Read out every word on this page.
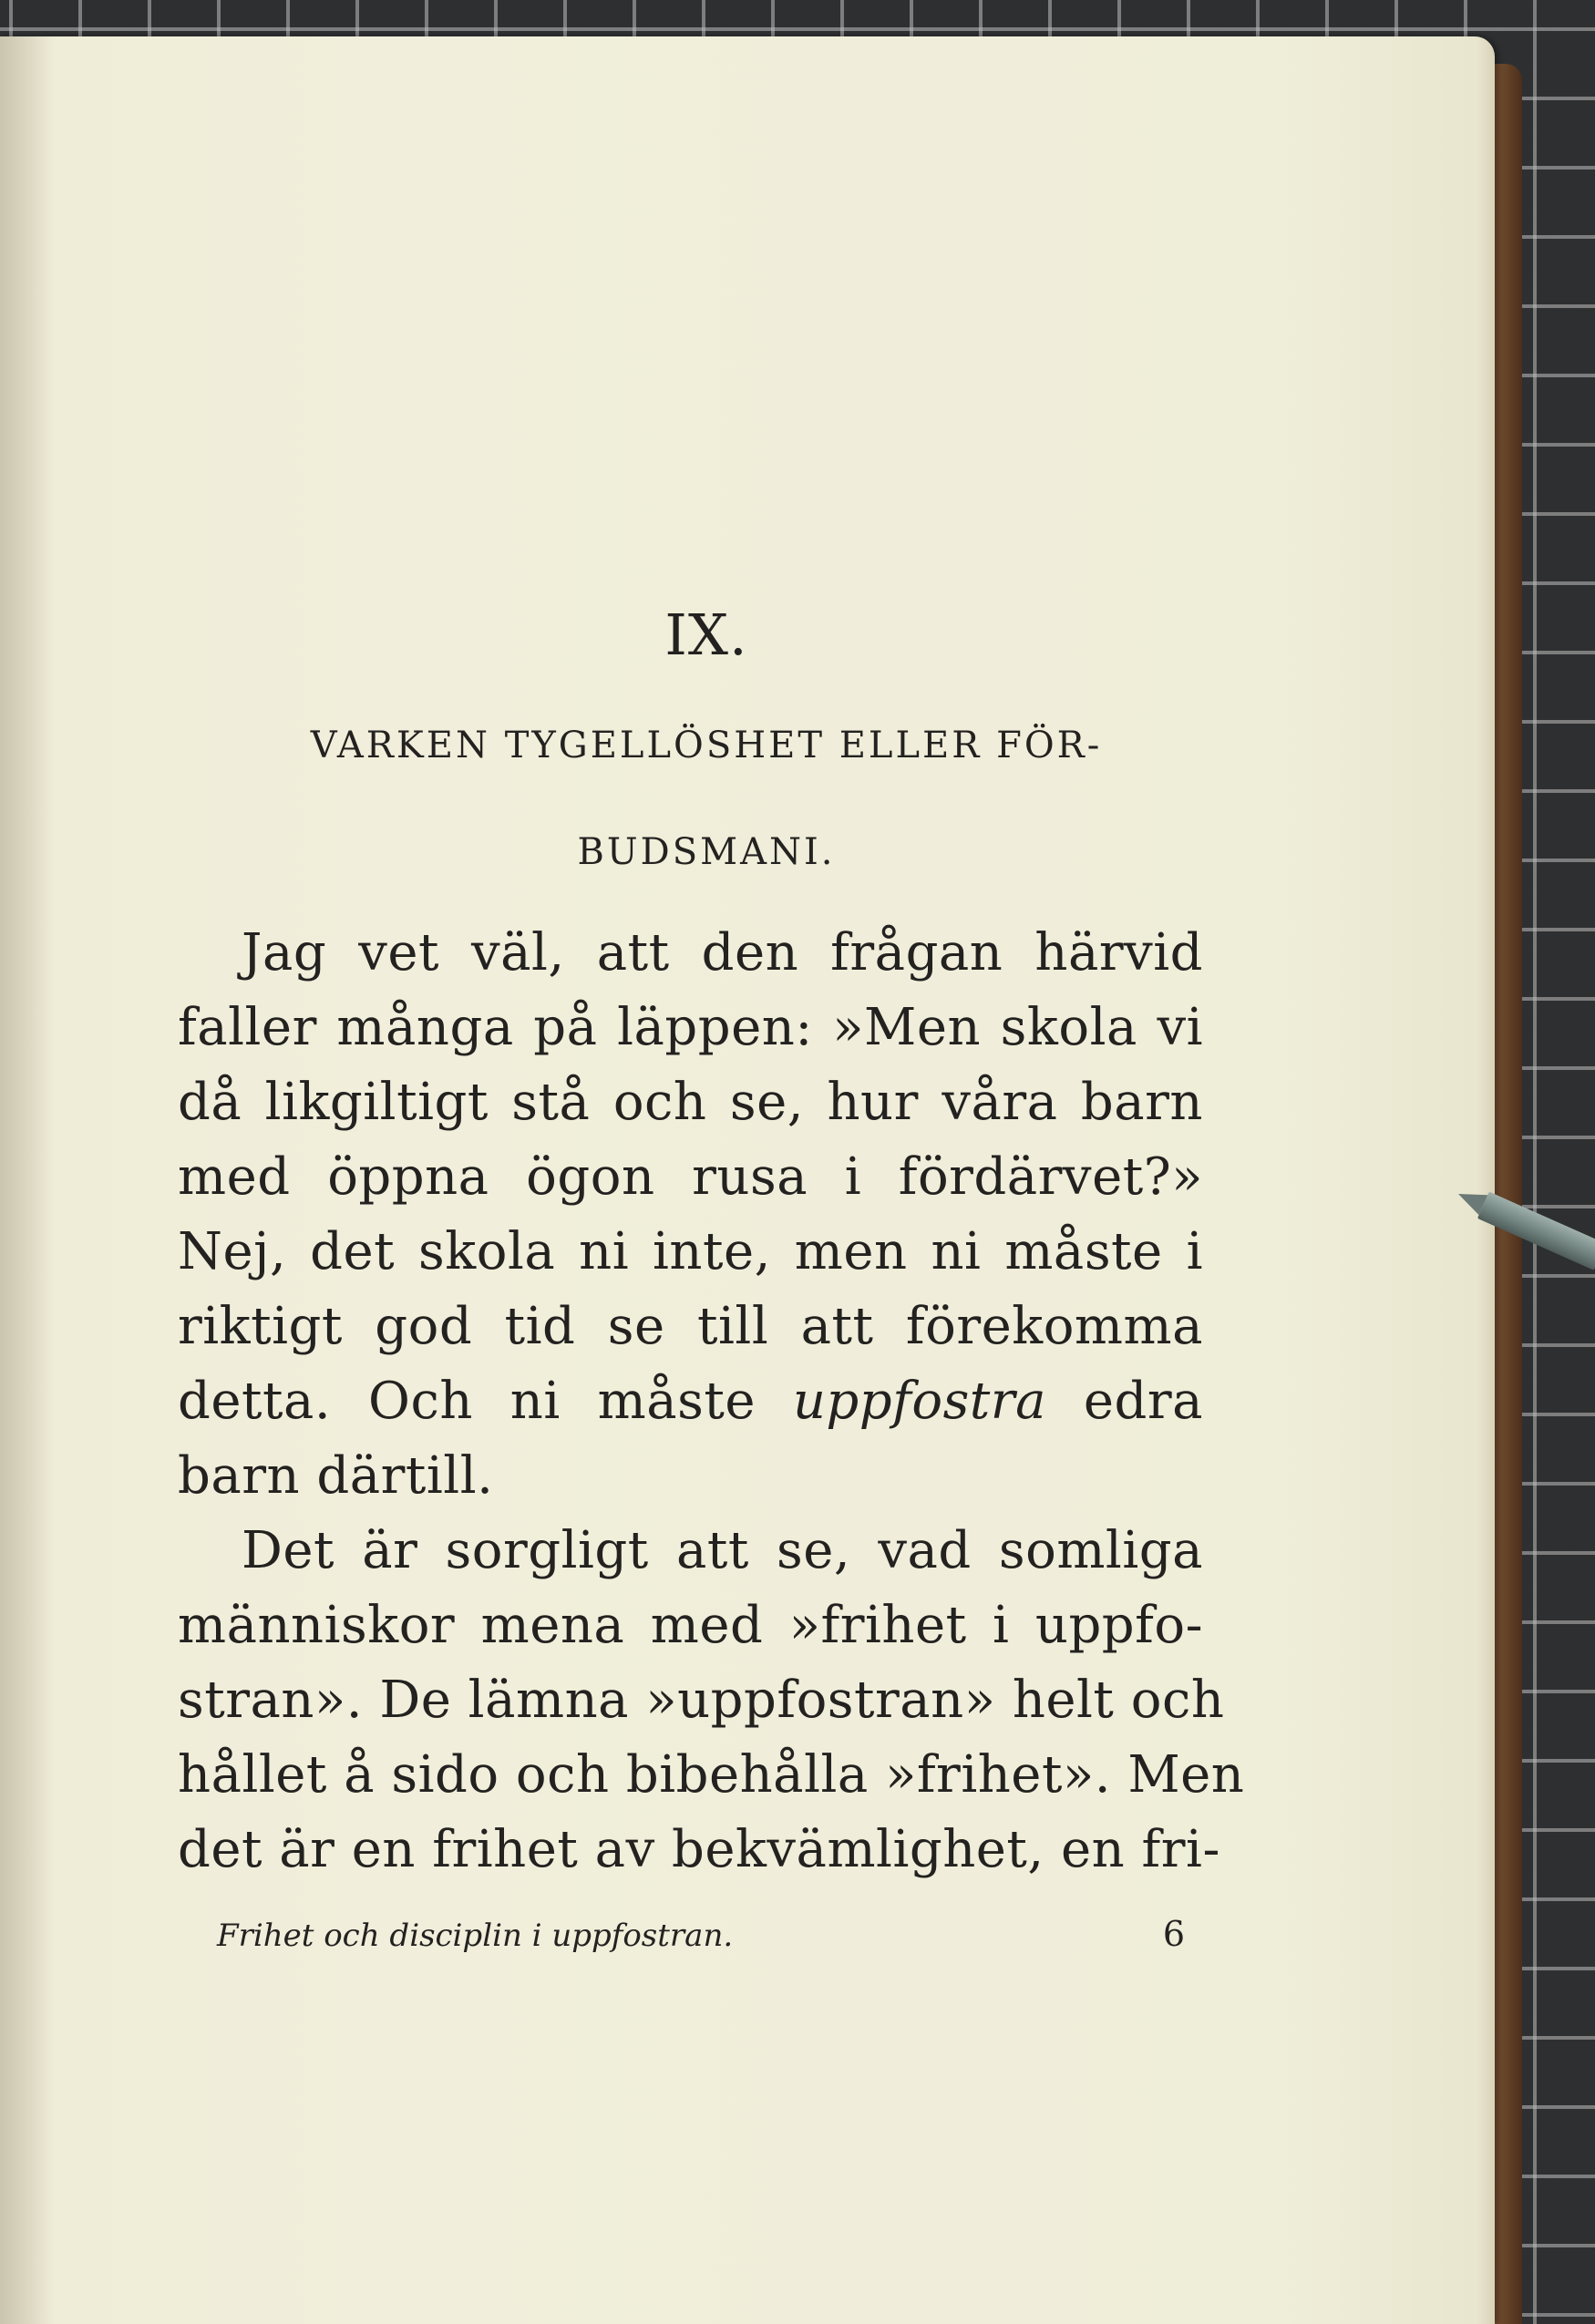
IX.
VARKEN TYGELLÖSHET ELLER FÖR-
BUDSMANI.
Jag vet väl, att den frågan härvid
faller många på läppen: »Men skola vi
då likgiltigt stå och se, hur våra barn
med öppna ögon rusa i fördärvet?»
Nej, det skola ni inte, men ni måste i
riktigt god tid se till att förekomma
detta. Och ni måste uppfostra edra
barn därtill.
Det är sorgligt att se, vad somliga
människor mena med »frihet i uppfo-
stran». De lämna »uppfostran» helt och
hållet å sido och bibehålla »frihet». Men
det är en frihet av bekvämlighet, en fri-
Frihet och disciplin i uppfostran.	6
